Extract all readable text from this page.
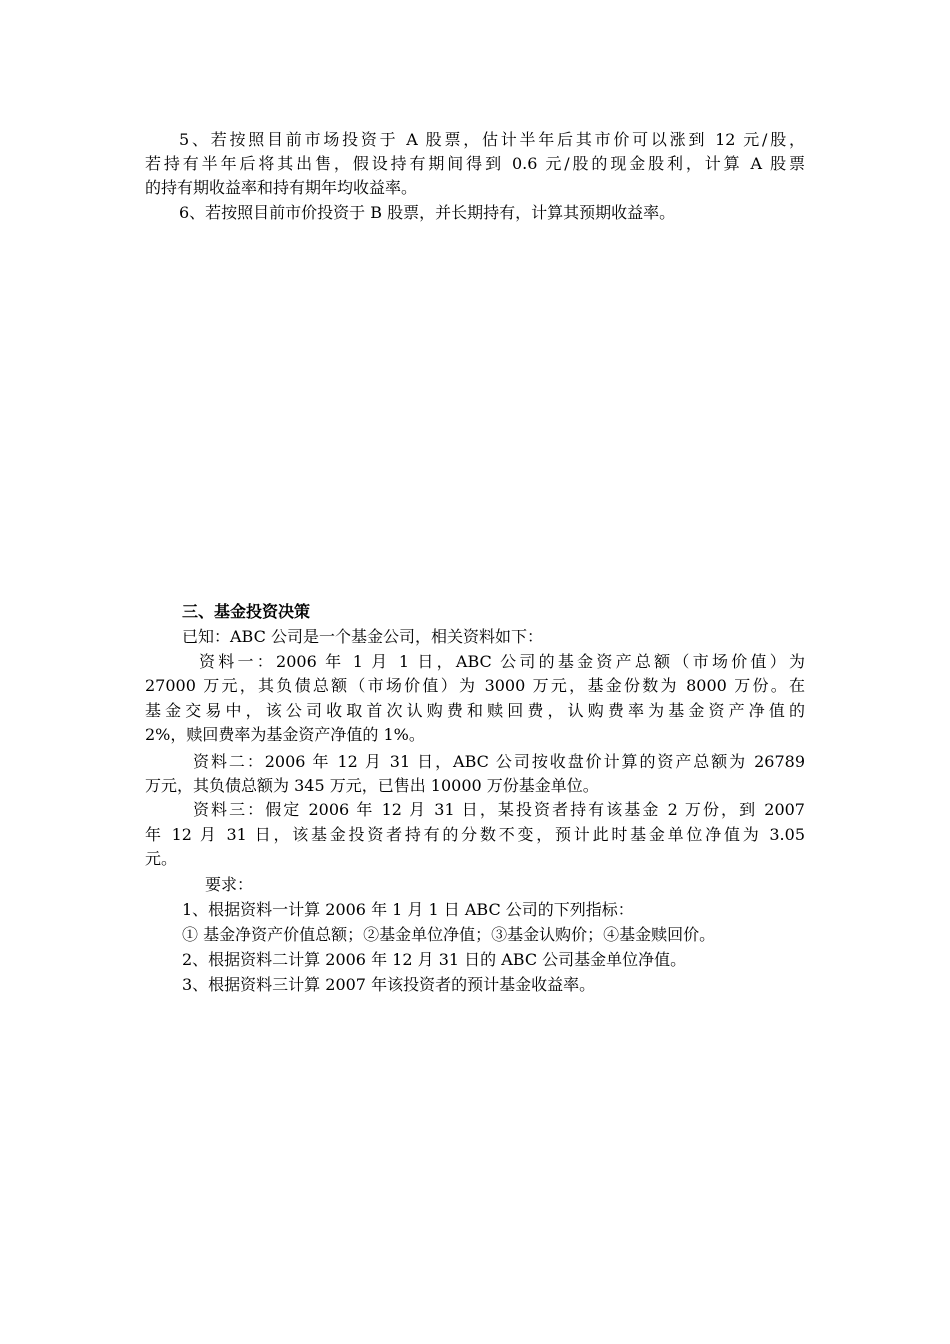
5、若按照目前市场投资于 A 股票，估计半年后其市价可以涨到 12 元/股，
若持有半年后将其出售，假设持有期间得到 0.6 元/股的现金股利，计算 A 股票
的持有期收益率和持有期年均收益率。
6、若按照目前市价投资于 B 股票，并长期持有，计算其预期收益率。
三、基金投资决策
已知：ABC 公司是一个基金公司，相关资料如下：
资料一：2006 年 1 月 1 日，ABC 公司的基金资产总额（市场价值）为
27000 万元，其负债总额（市场价值）为 3000 万元，基金份数为 8000 万份。在
基金交易中，该公司收取首次认购费和赎回费，认购费率为基金资产净值的
2%，赎回费率为基金资产净值的 1%。
资料二：2006 年 12 月 31 日，ABC 公司按收盘价计算的资产总额为 26789
万元，其负债总额为 345 万元，已售出 10000 万份基金单位。
资料三：假定 2006 年 12 月 31 日，某投资者持有该基金 2 万份，到 2007
年 12 月 31 日，该基金投资者持有的分数不变，预计此时基金单位净值为 3.05
元。
要求：
1、根据资料一计算 2006 年 1 月 1 日 ABC 公司的下列指标：
① 基金净资产价值总额；②基金单位净值；③基金认购价；④基金赎回价。
2、根据资料二计算 2006 年 12 月 31 日的 ABC 公司基金单位净值。
3、根据资料三计算 2007 年该投资者的预计基金收益率。
